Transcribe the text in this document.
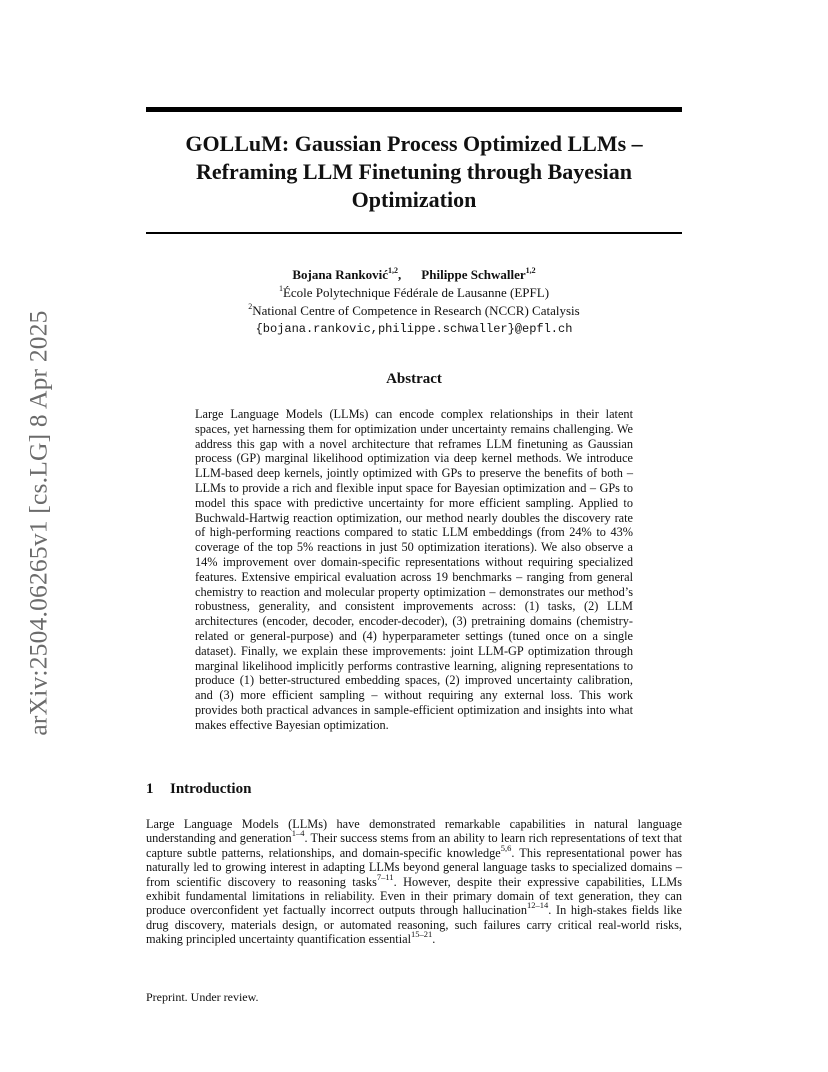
arXiv:2504.06265v1 [cs.LG] 8 Apr 2025
GOLLuM: Gaussian Process Optimized LLMs –
Reframing LLM Finetuning through Bayesian
Optimization
Bojana Ranković$^{1,2}$, Philippe Schwaller$^{1,2}$
$^1$École Polytechnique Fédérale de Lausanne (EPFL)
$^2$National Centre of Competence in Research (NCCR) Catalysis
{bojana.rankovic,philippe.schwaller}@epfl.ch
Abstract

Large Language Models (LLMs) can encode complex relationships in their latent spaces, yet harnessing them for optimization under uncertainty remains challenging. We address this gap with a novel architecture that reframes LLM finetuning as Gaussian process (GP) marginal likelihood optimization via deep kernel methods. We introduce LLM-based deep kernels, jointly optimized with GPs to preserve the benefits of both – LLMs to provide a rich and flexible input space for Bayesian optimization and – GPs to model this space with predictive uncertainty for more efficient sampling. Applied to Buchwald-Hartwig reaction optimization, our method nearly doubles the discovery rate of high-performing reactions compared to static LLM embeddings (from 24% to 43% coverage of the top 5% reactions in just 50 optimization iterations). We also observe a 14% improvement over domain-specific representations without requiring specialized features. Extensive empirical evaluation across 19 benchmarks – ranging from general chemistry to reaction and molecular property optimization – demonstrates our method’s robustness, generality, and consistent improvements across: (1) tasks, (2) LLM architectures (encoder, decoder, encoder-decoder), (3) pretraining domains (chemistry-related or general-purpose) and (4) hyperparameter settings (tuned once on a single dataset). Finally, we explain these improvements: joint LLM-GP optimization through marginal likelihood implicitly performs contrastive learning, aligning representations to produce (1) better-structured embedding spaces, (2) improved uncertainty calibration, and (3) more efficient sampling – without requiring any external loss. This work provides both practical advances in sample-efficient optimization and insights into what makes effective Bayesian optimization.

1 Introduction

Large Language Models (LLMs) have demonstrated remarkable capabilities in natural language understanding and generation$^{1-4}$. Their success stems from an ability to learn rich representations of text that capture subtle patterns, relationships, and domain-specific knowledge$^{5,6}$. This representational power has naturally led to growing interest in adapting LLMs beyond general language tasks to specialized domains – from scientific discovery to reasoning tasks$^{7-11}$. However, despite their expressive capabilities, LLMs exhibit fundamental limitations in reliability. Even in their primary domain of text generation, they can produce overconfident yet factually incorrect outputs through hallucination$^{12-14}$. In high-stakes fields like drug discovery, materials design, or automated reasoning, such failures carry critical real-world risks, making principled uncertainty quantification essential$^{15-21}$.

Preprint. Under review.
